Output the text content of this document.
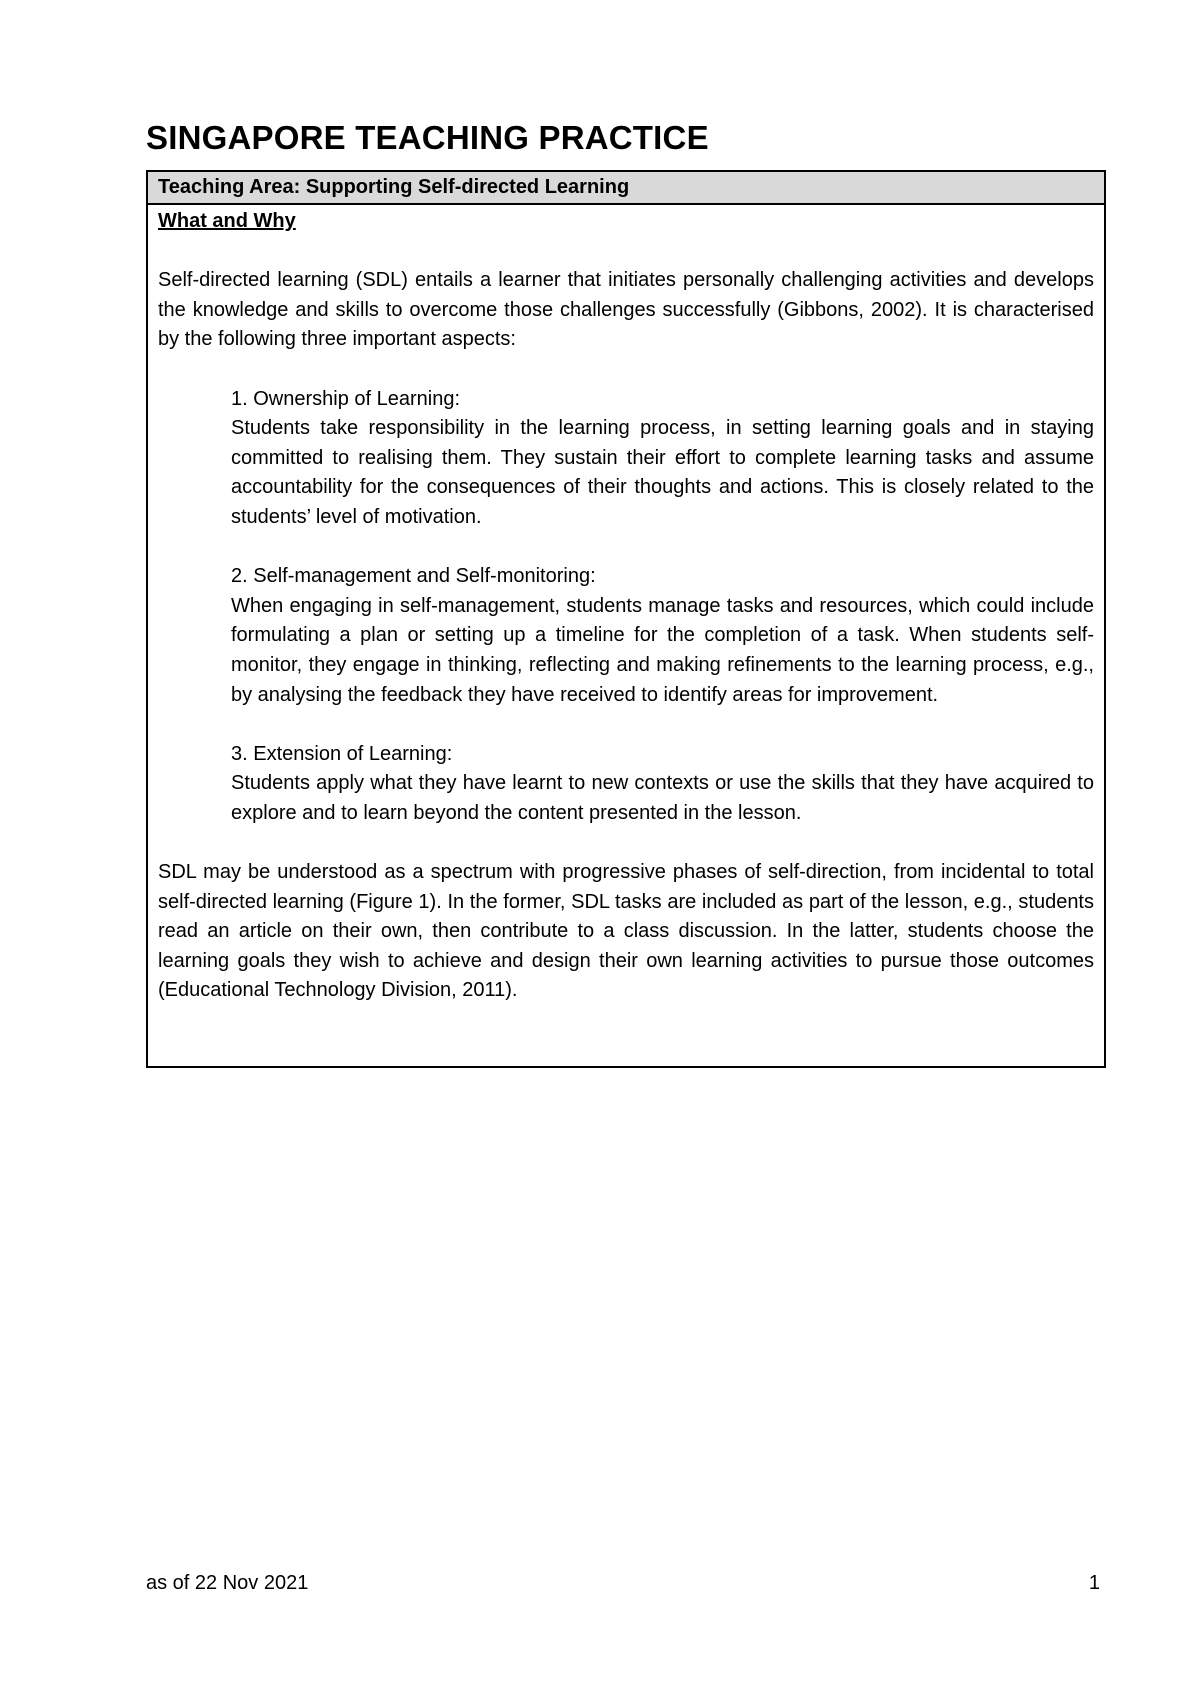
SINGAPORE TEACHING PRACTICE
Teaching Area: Supporting Self-directed Learning

What and Why

Self-directed learning (SDL) entails a learner that initiates personally challenging activities and develops the knowledge and skills to overcome those challenges successfully (Gibbons, 2002). It is characterised by the following three important aspects:

1. Ownership of Learning:

Students take responsibility in the learning process, in setting learning goals and in staying committed to realising them. They sustain their effort to complete learning tasks and assume accountability for the consequences of their thoughts and actions. This is closely related to the students’ level of motivation.

2. Self-management and Self-monitoring:

When engaging in self-management, students manage tasks and resources, which could include formulating a plan or setting up a timeline for the completion of a task. When students self-monitor, they engage in thinking, reflecting and making refinements to the learning process, e.g., by analysing the feedback they have received to identify areas for improvement.

3. Extension of Learning:

Students apply what they have learnt to new contexts or use the skills that they have acquired to explore and to learn beyond the content presented in the lesson.

SDL may be understood as a spectrum with progressive phases of self-direction, from incidental to total self-directed learning (Figure 1). In the former, SDL tasks are included as part of the lesson, e.g., students read an article on their own, then contribute to a class discussion. In the latter, students choose the learning goals they wish to achieve and design their own learning activities to pursue those outcomes (Educational Technology Division, 2011).

as of 22 Nov 2021	1
